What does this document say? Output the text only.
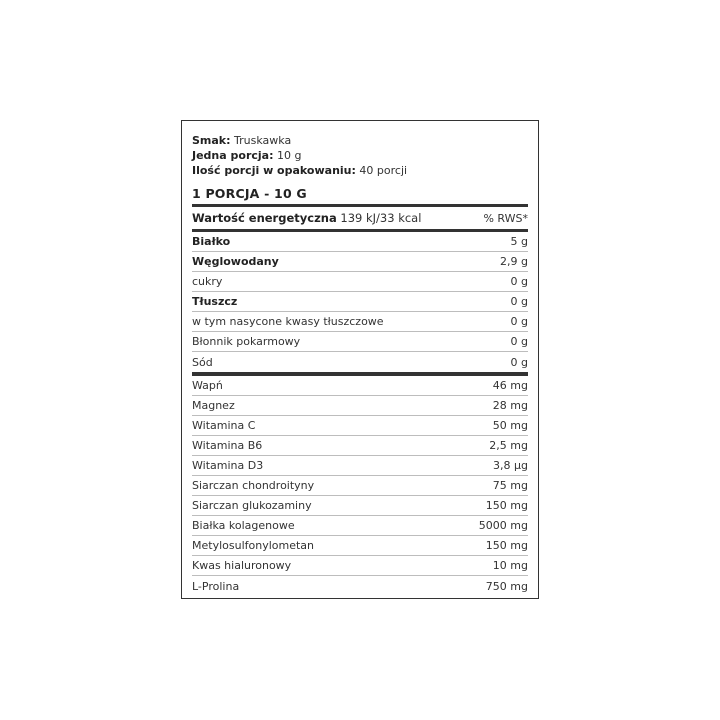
Smak: Truskawka
Jedna porcja: 10 g
Ilość porcji w opakowaniu: 40 porcji
1 PORCJA - 10 G
Wartość energetyczna 139 kJ/33 kcal	% RWS*
Białko	5 g
Węglowodany	2,9 g
cukry	0 g
Tłuszcz	0 g
w tym nasycone kwasy tłuszczowe	0 g
Błonnik pokarmowy	0 g
Sód	0 g
Wapń	46 mg
Magnez	28 mg
Witamina C	50 mg
Witamina B6	2,5 mg
Witamina D3	3,8 µg
Siarczan chondroityny	75 mg
Siarczan glukozaminy	150 mg
Białka kolagenowe	5000 mg
Metylosulfonylometan	150 mg
Kwas hialuronowy	10 mg
L-Prolina	750 mg
